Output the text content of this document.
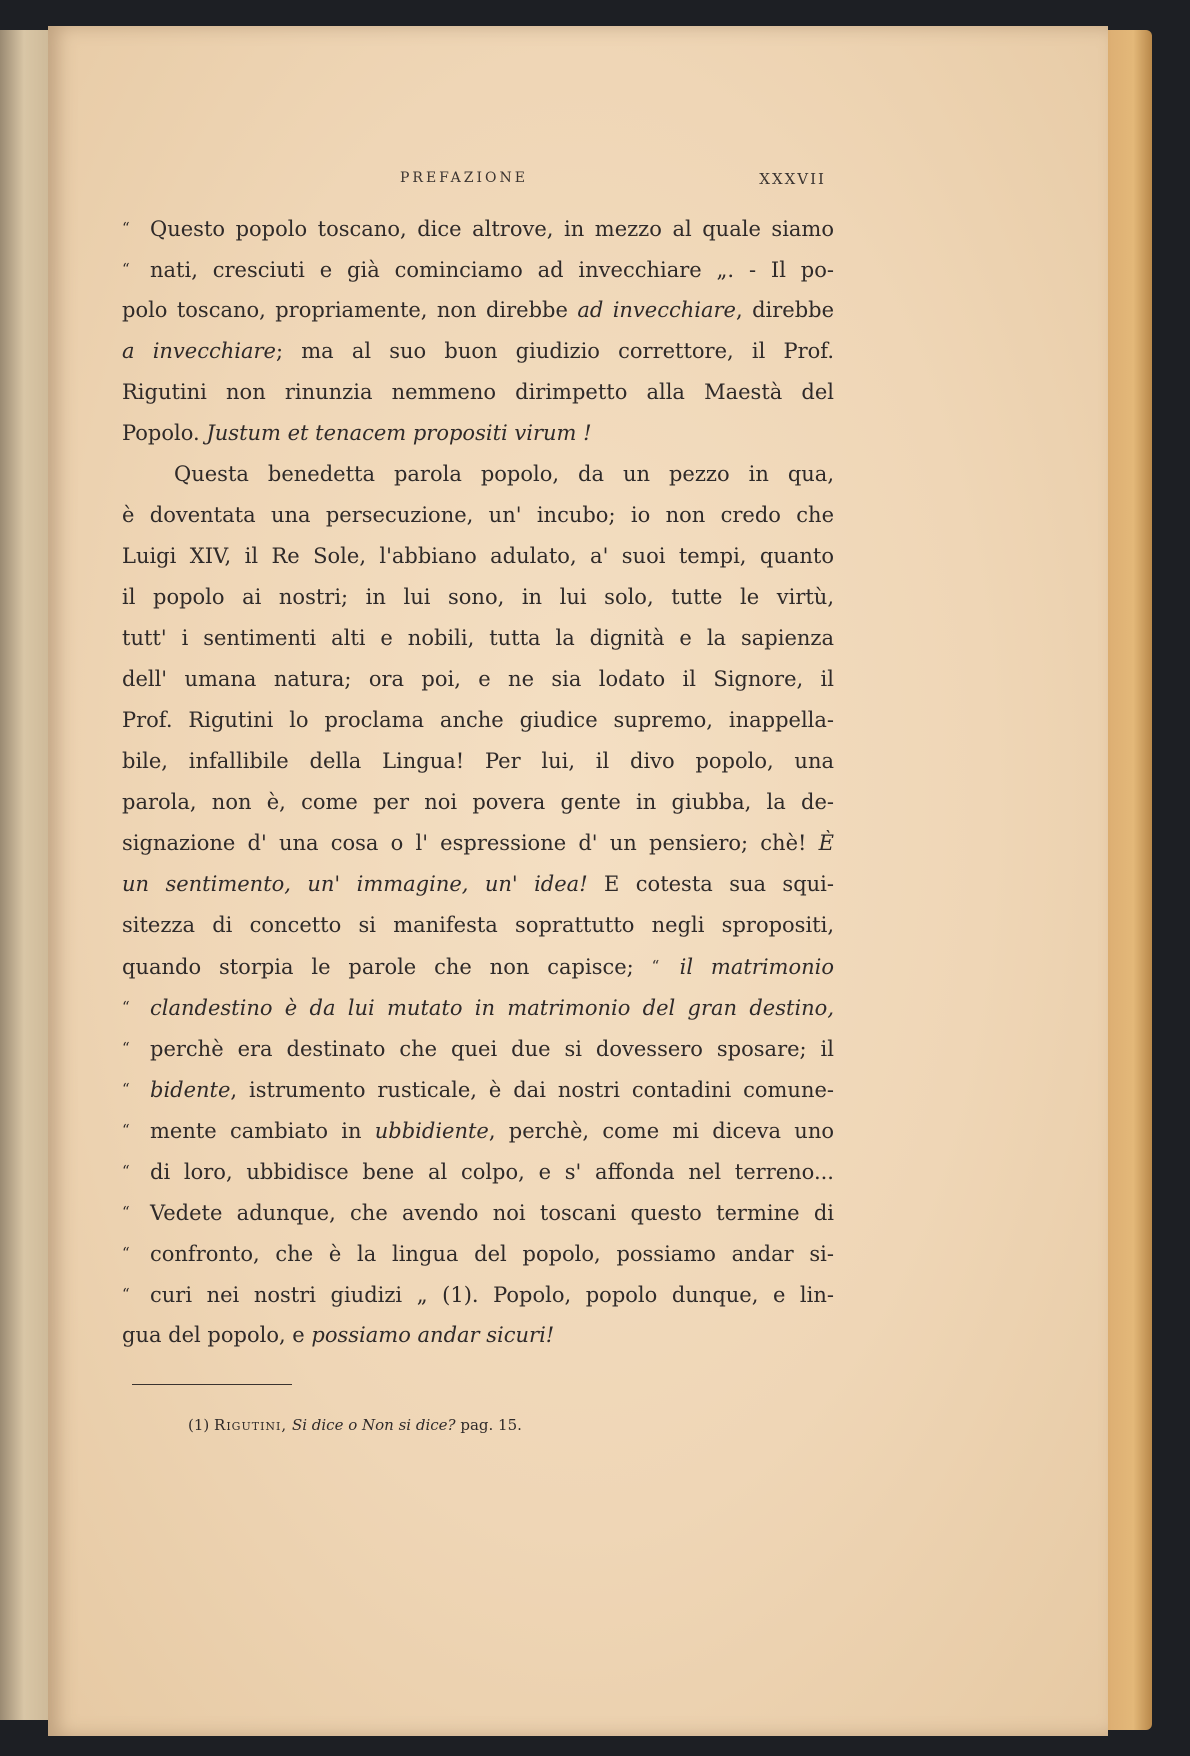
PREFAZIONE	XXXVII
“ Questo popolo toscano, dice altrove, in mezzo al quale siamo
“ nati, cresciuti e già cominciamo ad invecchiare „. - Il po-
polo toscano, propriamente, non direbbe ad invecchiare, direbbe
a invecchiare; ma al suo buon giudizio correttore, il Prof.
Rigutini non rinunzia nemmeno dirimpetto alla Maestà del
Popolo. Justum et tenacem propositi virum !
Questa benedetta parola popolo, da un pezzo in qua,
è doventata una persecuzione, un' incubo; io non credo che
Luigi XIV, il Re Sole, l'abbiano adulato, a' suoi tempi, quanto
il popolo ai nostri; in lui sono, in lui solo, tutte le virtù,
tutt' i sentimenti alti e nobili, tutta la dignità e la sapienza
dell' umana natura; ora poi, e ne sia lodato il Signore, il
Prof. Rigutini lo proclama anche giudice supremo, inappella-
bile, infallibile della Lingua! Per lui, il divo popolo, una
parola, non è, come per noi povera gente in giubba, la de-
signazione d' una cosa o l' espressione d' un pensiero; chè! È
un sentimento, un' immagine, un' idea! E cotesta sua squi-
sitezza di concetto si manifesta soprattutto negli spropositi,
quando storpia le parole che non capisce; “ il matrimonio
“ clandestino è da lui mutato in matrimonio del gran destino,
“ perchè era destinato che quei due si dovessero sposare; il
“ bidente, istrumento rusticale, è dai nostri contadini comune-
“ mente cambiato in ubbidiente, perchè, come mi diceva uno
“ di loro, ubbidisce bene al colpo, e s' affonda nel terreno...
“ Vedete adunque, che avendo noi toscani questo termine di
“ confronto, che è la lingua del popolo, possiamo andar si-
“ curi nei nostri giudizi „ (1). Popolo, popolo dunque, e lin-
gua del popolo, e possiamo andar sicuri!
(1) Rigutini, Si dice o Non si dice? pag. 15.
